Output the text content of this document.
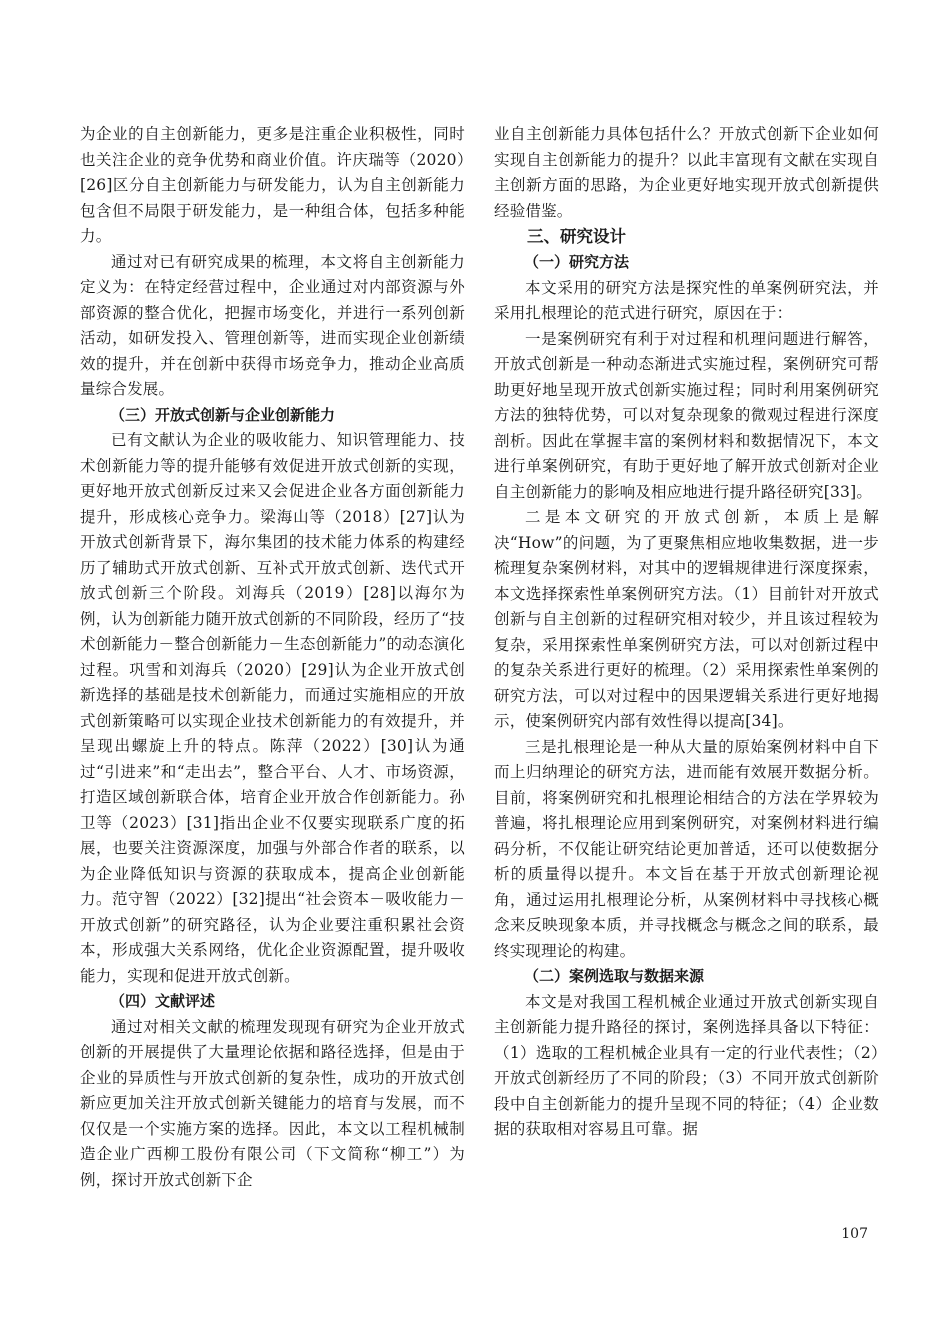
为企业的自主创新能力，更多是注重企业积极性，同时也关注企业的竞争优势和商业价值。许庆瑞等（2020）[26]区分自主创新能力与研发能力，认为自主创新能力包含但不局限于研发能力，是一种组合体，包括多种能力。

通过对已有研究成果的梳理，本文将自主创新能力定义为：在特定经营过程中，企业通过对内部资源与外部资源的整合优化，把握市场变化，并进行一系列创新活动，如研发投入、管理创新等，进而实现企业创新绩效的提升，并在创新中获得市场竞争力，推动企业高质量综合发展。

（三）开放式创新与企业创新能力

已有文献认为企业的吸收能力、知识管理能力、技术创新能力等的提升能够有效促进开放式创新的实现，更好地开放式创新反过来又会促进企业各方面创新能力提升，形成核心竞争力。梁海山等（2018）[27]认为开放式创新背景下，海尔集团的技术能力体系的构建经历了辅助式开放式创新、互补式开放式创新、迭代式开放式创新三个阶段。刘海兵（2019）[28]以海尔为例，认为创新能力随开放式创新的不同阶段，经历了“技术创新能力－整合创新能力－生态创新能力”的动态演化过程。巩雪和刘海兵（2020）[29]认为企业开放式创新选择的基础是技术创新能力，而通过实施相应的开放式创新策略可以实现企业技术创新能力的有效提升，并呈现出螺旋上升的特点。陈萍（2022）[30]认为通过“引进来”和“走出去”，整合平台、人才、市场资源，打造区域创新联合体，培育企业开放合作创新能力。孙卫等（2023）[31]指出企业不仅要实现联系广度的拓展，也要关注资源深度，加强与外部合作者的联系，以为企业降低知识与资源的获取成本，提高企业创新能力。范守智（2022）[32]提出“社会资本－吸收能力－开放式创新”的研究路径，认为企业要注重积累社会资本，形成强大关系网络，优化企业资源配置，提升吸收能力，实现和促进开放式创新。

（四）文献评述

通过对相关文献的梳理发现现有研究为企业开放式创新的开展提供了大量理论依据和路径选择，但是由于企业的异质性与开放式创新的复杂性，成功的开放式创新应更加关注开放式创新关键能力的培育与发展，而不仅仅是一个实施方案的选择。因此，本文以工程机械制造企业广西柳工股份有限公司（下文简称“柳工”）为例，探讨开放式创新下企

业自主创新能力具体包括什么？开放式创新下企业如何实现自主创新能力的提升？以此丰富现有文献在实现自主创新方面的思路，为企业更好地实现开放式创新提供经验借鉴。

三、研究设计
（一）研究方法

本文采用的研究方法是探究性的单案例研究法，并采用扎根理论的范式进行研究，原因在于：

一是案例研究有利于对过程和机理问题进行解答，开放式创新是一种动态渐进式实施过程，案例研究可帮助更好地呈现开放式创新实施过程；同时利用案例研究方法的独特优势，可以对复杂现象的微观过程进行深度剖析。因此在掌握丰富的案例材料和数据情况下，本文进行单案例研究，有助于更好地了解开放式创新对企业自主创新能力的影响及相应地进行提升路径研究[33]。

二是本文研究的开放式创新，本质上是解决“How”的问题，为了更聚焦相应地收集数据，进一步梳理复杂案例材料，对其中的逻辑规律进行深度探索，本文选择探索性单案例研究方法。（1）目前针对开放式创新与自主创新的过程研究相对较少，并且该过程较为复杂，采用探索性单案例研究方法，可以对创新过程中的复杂关系进行更好的梳理。（2）采用探索性单案例的研究方法，可以对过程中的因果逻辑关系进行更好地揭示，使案例研究内部有效性得以提高[34]。

三是扎根理论是一种从大量的原始案例材料中自下而上归纳理论的研究方法，进而能有效展开数据分析。目前，将案例研究和扎根理论相结合的方法在学界较为普遍，将扎根理论应用到案例研究，对案例材料进行编码分析，不仅能让研究结论更加普适，还可以使数据分析的质量得以提升。本文旨在基于开放式创新理论视角，通过运用扎根理论分析，从案例材料中寻找核心概念来反映现象本质，并寻找概念与概念之间的联系，最终实现理论的构建。

（二）案例选取与数据来源

本文是对我国工程机械企业通过开放式创新实现自主创新能力提升路径的探讨，案例选择具备以下特征：（1）选取的工程机械企业具有一定的行业代表性；（2）开放式创新经历了不同的阶段；（3）不同开放式创新阶段中自主创新能力的提升呈现不同的特征；（4）企业数据的获取相对容易且可靠。据

107
